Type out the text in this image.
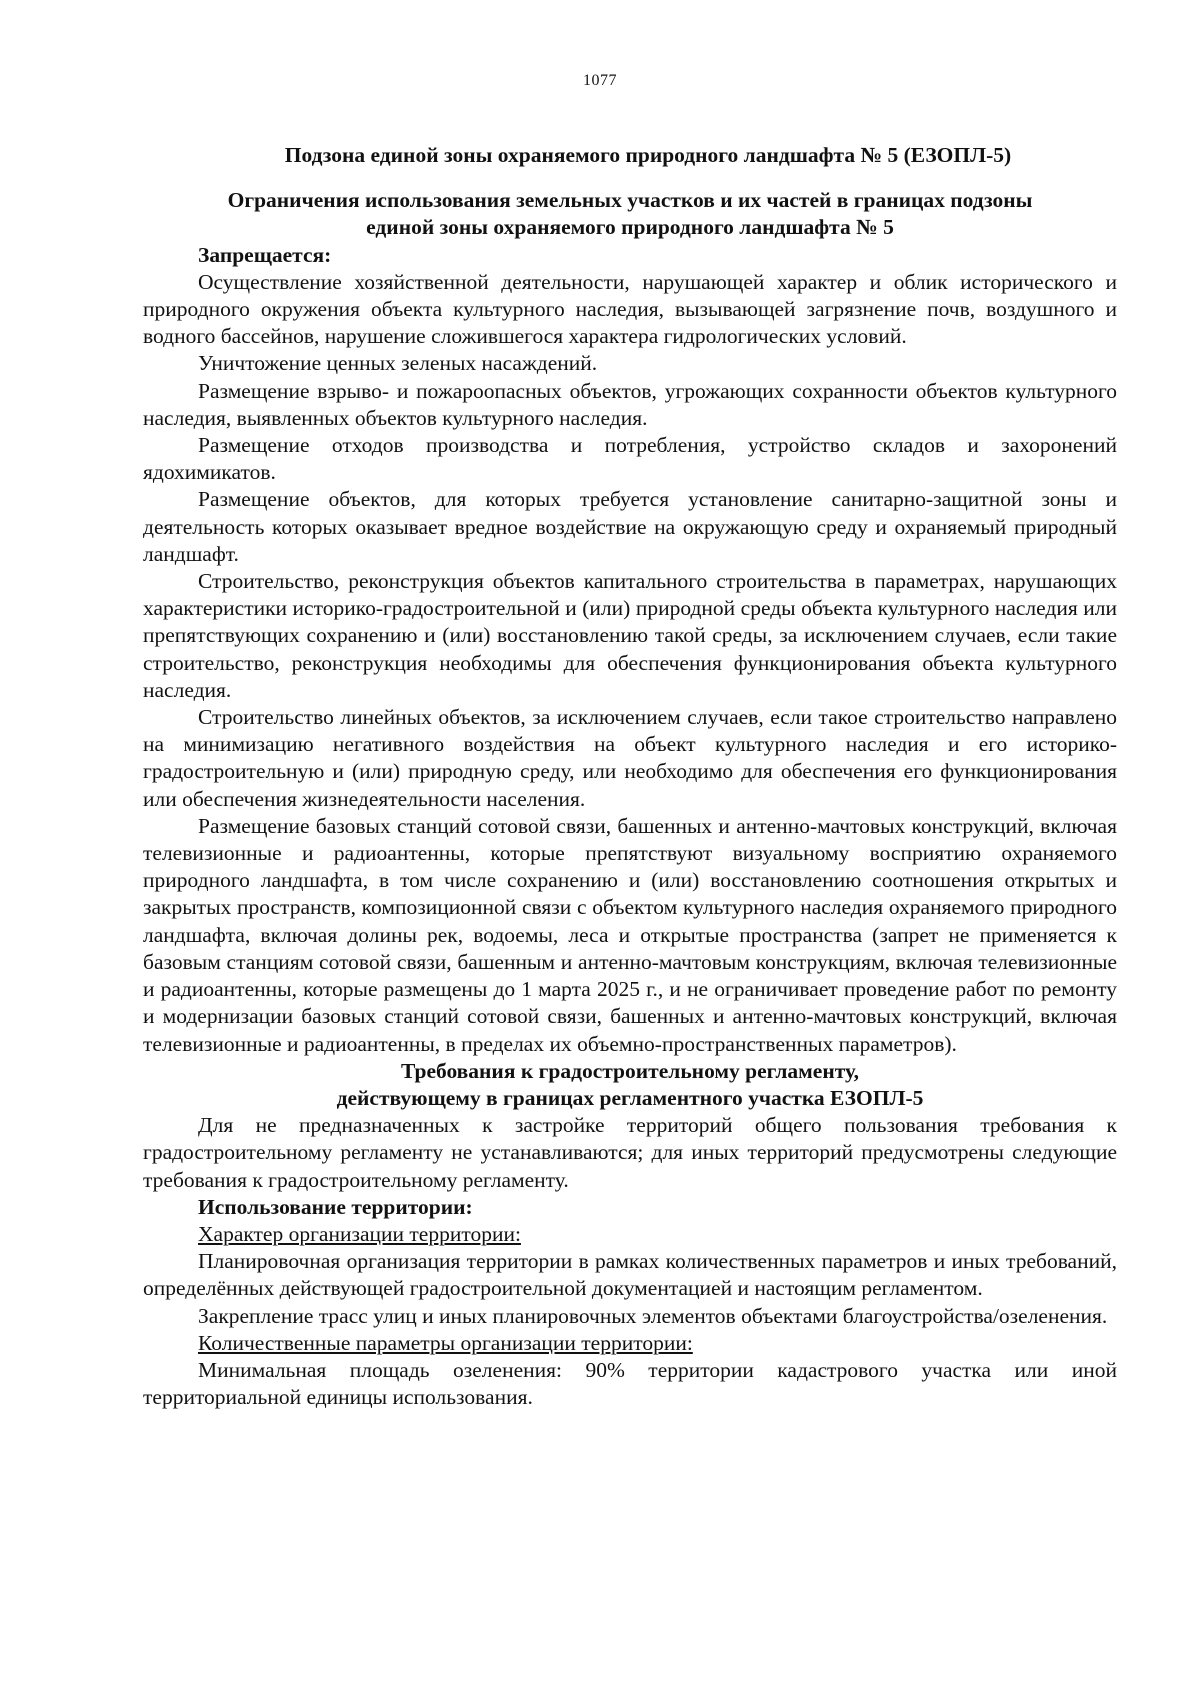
1077
Подзона единой зоны охраняемого природного ландшафта № 5 (ЕЗОПЛ-5)
Ограничения использования земельных участков и их частей в границах подзоны
единой зоны охраняемого природного ландшафта № 5
Запрещается:

Осуществление хозяйственной деятельности, нарушающей характер и облик исторического и природного окружения объекта культурного наследия, вызывающей загрязнение почв, воздушного и водного бассейнов, нарушение сложившегося характера гидрологических условий.

Уничтожение ценных зеленых насаждений.

Размещение взрыво- и пожароопасных объектов, угрожающих сохранности объектов культурного наследия, выявленных объектов культурного наследия.

Размещение отходов производства и потребления, устройство складов и захоронений ядохимикатов.

Размещение объектов, для которых требуется установление санитарно-защитной зоны и деятельность которых оказывает вредное воздействие на окружающую среду и охраняемый природный ландшафт.

Строительство, реконструкция объектов капитального строительства в параметрах, нарушающих характеристики историко-градостроительной и (или) природной среды объекта культурного наследия или препятствующих сохранению и (или) восстановлению такой среды, за исключением случаев, если такие строительство, реконструкция необходимы для обеспечения функционирования объекта культурного наследия.

Строительство линейных объектов, за исключением случаев, если такое строительство направлено на минимизацию негативного воздействия на объект культурного наследия и его историко-градостроительную и (или) природную среду, или необходимо для обеспечения его функционирования или обеспечения жизнедеятельности населения.

Размещение базовых станций сотовой связи, башенных и антенно-мачтовых конструкций, включая телевизионные и радиоантенны, которые препятствуют визуальному восприятию охраняемого природного ландшафта, в том числе сохранению и (или) восстановлению соотношения открытых и закрытых пространств, композиционной связи с объектом культурного наследия охраняемого природного ландшафта, включая долины рек, водоемы, леса и открытые пространства (запрет не применяется к базовым станциям сотовой связи, башенным и антенно-мачтовым конструкциям, включая телевизионные и радиоантенны, которые размещены до 1 марта 2025 г., и не ограничивает проведение работ по ремонту и модернизации базовых станций сотовой связи, башенных и антенно-мачтовых конструкций, включая телевизионные и радиоантенны, в пределах их объемно-пространственных параметров).

Требования к градостроительному регламенту,
действующему в границах регламентного участка ЕЗОПЛ-5

Для не предназначенных к застройке территорий общего пользования требования к градостроительному регламенту не устанавливаются; для иных территорий предусмотрены следующие требования к градостроительному регламенту.

Использование территории:
Характер организации территории:

Планировочная организация территории в рамках количественных параметров и иных требований, определённых действующей градостроительной документацией и настоящим регламентом.

Закрепление трасс улиц и иных планировочных элементов объектами благоустройства/озеленения.

Количественные параметры организации территории:

Минимальная площадь озеленения: 90% территории кадастрового участка или иной территориальной единицы использования.
